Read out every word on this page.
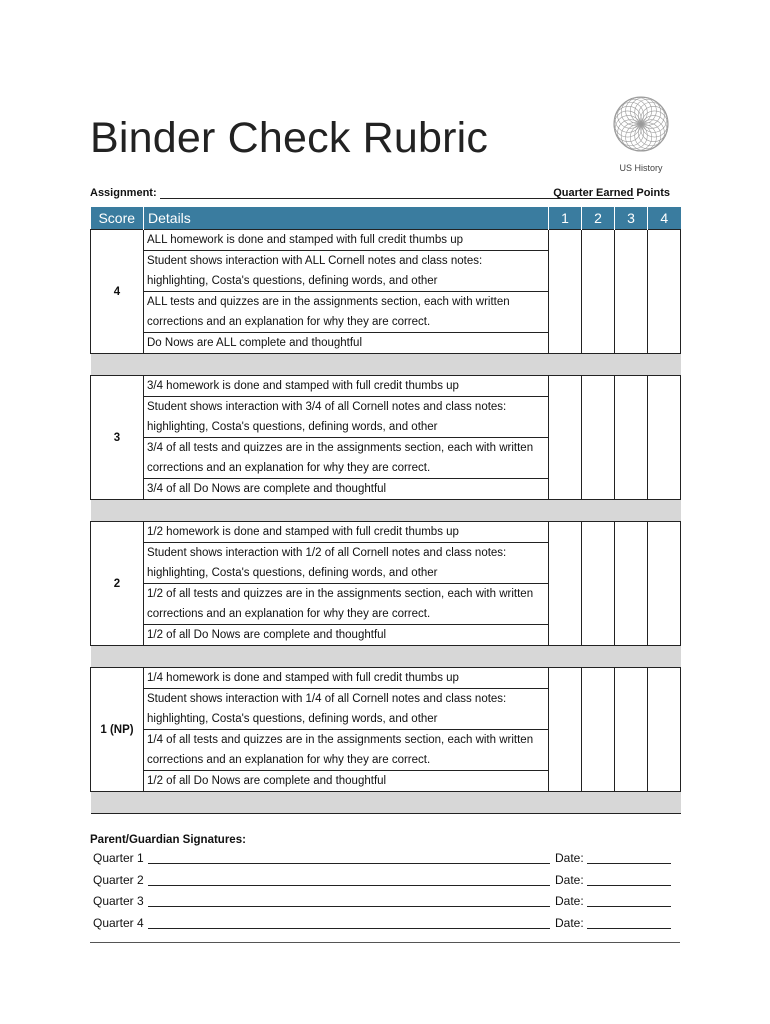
Binder Check Rubric
US History
Assignment:	Quarter Earned Points
Score	Details	1	2	3	4
4	ALL homework is done and stamped with full credit thumbs up				
	Student shows interaction with ALL Cornell notes and class notes: highlighting, Costa's questions, defining words, and other				
	ALL tests and quizzes are in the assignments section, each with written corrections and an explanation for why they are correct.				
	Do Nows are ALL complete and thoughtful				

3	3/4 homework is done and stamped with full credit thumbs up				
	Student shows interaction with 3/4 of all Cornell notes and class notes: highlighting, Costa's questions, defining words, and other				
	3/4 of all tests and quizzes are in the assignments section, each with written corrections and an explanation for why they are correct.				
	3/4 of all Do Nows are complete and thoughtful				

2	1/2 homework is done and stamped with full credit thumbs up				
	Student shows interaction with 1/2 of all Cornell notes and class notes: highlighting, Costa's questions, defining words, and other				
	1/2 of all tests and quizzes are in the assignments section, each with written corrections and an explanation for why they are correct.				
	1/2 of all Do Nows are complete and thoughtful				

1 (NP)	1/4 homework is done and stamped with full credit thumbs up				
	Student shows interaction with 1/4 of all Cornell notes and class notes: highlighting, Costa's questions, defining words, and other				
	1/4 of all tests and quizzes are in the assignments section, each with written corrections and an explanation for why they are correct.				
	1/2 of all Do Nows are complete and thoughtful				

Parent/Guardian Signatures:
Quarter 1	Date:
Quarter 2	Date:
Quarter 3	Date:
Quarter 4	Date:
